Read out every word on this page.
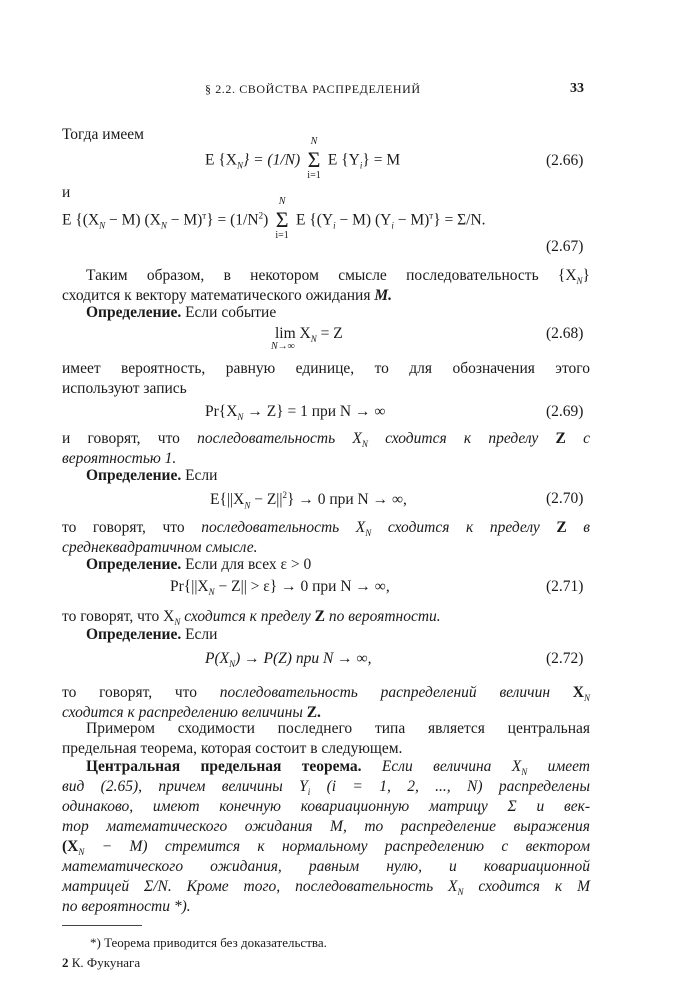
§ 2.2. СВОЙСТВА РАСПРЕДЕЛЕНИЙ	33
Тогда имеем
E $\{X_N\} = (1/N)$
N
Σ
i=1
E $\{Y_i\} = M$	(2.66)
и
E $\{(X_N - M) (X_N - M)^т\} = (1/N^2)$
N
Σ
i=1
E $\{(Y_i - M) (Y_i - M)^т\} = \Sigma/N$.
(2.67)
Таким образом, в некотором смысле последовательность $\{X_N\}$
сходится к вектору математического ожидания M.
Определение. Если событие
lim
N→∞
$X_N = Z$	(2.68)
имеет вероятность, равную единице, то для обозначения этого
используют запись
$Pr\{X_N \to Z\} = 1$ при N → ∞	(2.69)
и говорят, что последовательность $X_N$ сходится к пределу Z с
вероятностью 1.
Определение. Если
$E\{||X_N - Z||^2\} \to 0$ при N → ∞,	(2.70)
то говорят, что последовательность $X_N$ сходится к пределу Z в
среднеквадратичном смысле.
Определение. Если для всех ε > 0
$Pr\{||X_N - Z|| > \varepsilon\} \to 0$ при N → ∞,	(2.71)
то говорят, что $X_N$ сходится к пределу Z по вероятности.
Определение. Если
$P(X_N) \to P(Z)$ при N → ∞,	(2.72)
то говорят, что последовательность распределений величин $X_N$
сходится к распределению величины Z.
Примером сходимости последнего типа является центральная
предельная теорема, которая состоит в следующем.
Центральная предельная теорема. Если величина $X_N$ имеет
вид (2.65), причем величины $Y_i$ (i = 1, 2, ..., N) распределены
одинаково, имеют конечную ковариационную матрицу Σ и век-
тор математического ожидания M, то распределение выражения
$(X_N - M)$ стремится к нормальному распределению с вектором
математического ожидания, равным нулю, и ковариационной
матрицей Σ/N. Кроме того, последовательность $X_N$ сходится к M
по вероятности *).
*) Теорема приводится без доказательства.
2 К. Фукунага
